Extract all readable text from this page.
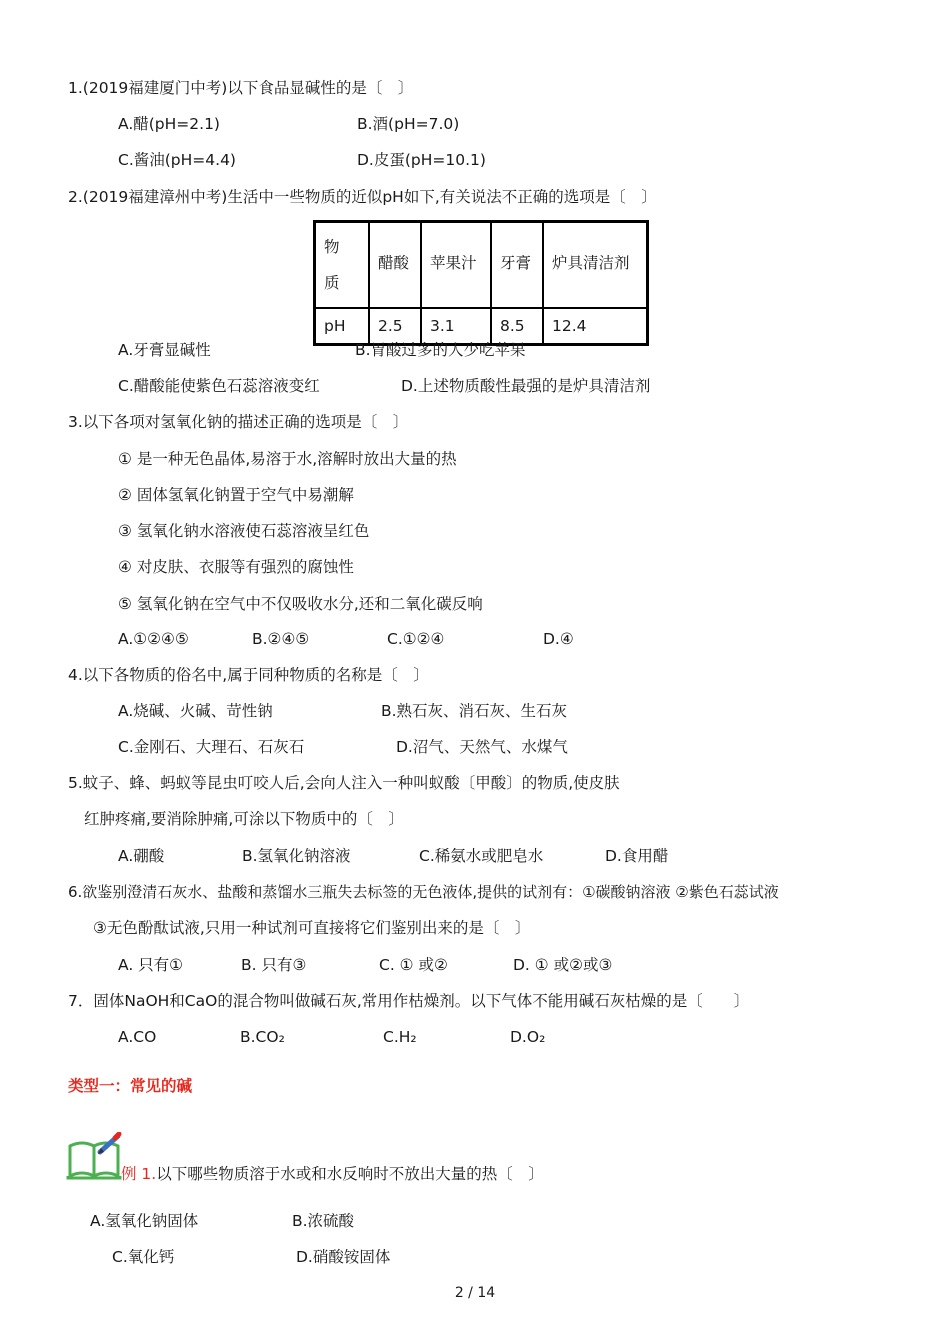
1.(2019福建厦门中考)以下食品显碱性的是〔　〕
A.醋(pH=2.1)	B.酒(pH=7.0)
C.酱油(pH=4.4)	D.皮蛋(pH=10.1)
2.(2019福建漳州中考)生活中一些物质的近似pH如下,有关说法不正确的选项是〔　〕
物
质	醋酸	苹果汁	牙膏	炉具清洁剂
pH	2.5	3.1	8.5	12.4
A.牙膏显碱性	B.胃酸过多的人少吃苹果
C.醋酸能使紫色石蕊溶液变红	D.上述物质酸性最强的是炉具清洁剂
3.以下各项对氢氧化钠的描述正确的选项是〔　〕
① 是一种无色晶体,易溶于水,溶解时放出大量的热
② 固体氢氧化钠置于空气中易潮解
③ 氢氧化钠水溶液使石蕊溶液呈红色
④ 对皮肤、衣服等有强烈的腐蚀性
⑤ 氢氧化钠在空气中不仅吸收水分,还和二氧化碳反响
A.①②④⑤	B.②④⑤	C.①②④	D.④
4.以下各物质的俗名中,属于同种物质的名称是〔　〕
A.烧碱、火碱、苛性钠	B.熟石灰、消石灰、生石灰
C.金刚石、大理石、石灰石	D.沼气、天然气、水煤气
5.蚊子、蜂、蚂蚁等昆虫叮咬人后,会向人注入一种叫蚁酸〔甲酸〕的物质,使皮肤
红肿疼痛,要消除肿痛,可涂以下物质中的〔　〕
A.硼酸	B.氢氧化钠溶液	C.稀氨水或肥皂水	D.食用醋
6.欲鉴别澄清石灰水、盐酸和蒸馏水三瓶失去标签的无色液体,提供的试剂有：①碳酸钠溶液 ②紫色石蕊试液
③无色酚酞试液,只用一种试剂可直接将它们鉴别出来的是〔　〕
A. 只有①	B. 只有③	C. ① 或②	D. ① 或②或③
7．固体NaOH和CaO的混合物叫做碱石灰,常用作枯燥剂。以下气体不能用碱石灰枯燥的是〔　　〕
A.CO	B.CO₂	C.H₂	D.O₂
类型一：常见的碱
例 1.以下哪些物质溶于水或和水反响时不放出大量的热〔　〕
A.氢氧化钠固体	B.浓硫酸
C.氧化钙	D.硝酸铵固体
2 / 14
